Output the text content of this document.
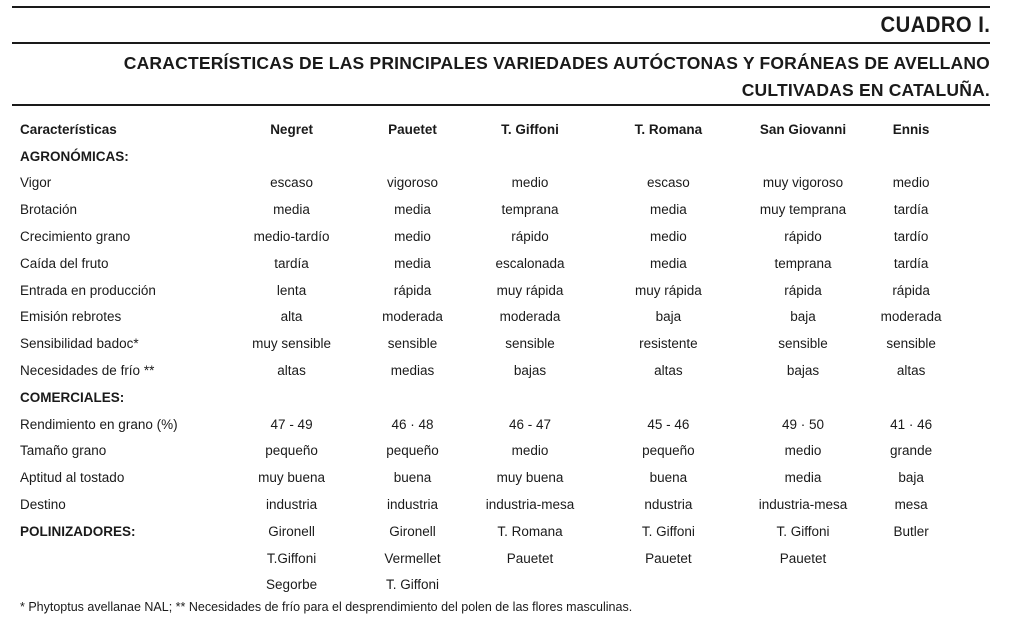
CUADRO I.
CARACTERÍSTICAS DE LAS PRINCIPALES VARIEDADES AUTÓCTONAS Y FORÁNEAS DE AVELLANO
CULTIVADAS EN CATALUÑA.
Características	Negret	Pauetet	T. Giffoni	T. Romana	San Giovanni	Ennis
AGRONÓMICAS:						
Vigor	escaso	vigoroso	medio	escaso	muy vigoroso	medio
Brotación	media	media	temprana	media	muy temprana	tardía
Crecimiento grano	medio-tardío	medio	rápido	medio	rápido	tardío
Caída del fruto	tardía	media	escalonada	media	temprana	tardía
Entrada en producción	lenta	rápida	muy rápida	muy rápida	rápida	rápida
Emisión rebrotes	alta	moderada	moderada	baja	baja	moderada
Sensibilidad badoc*	muy sensible	sensible	sensible	resistente	sensible	sensible
Necesidades de frío **	altas	medias	bajas	altas	bajas	altas
COMERCIALES:						
Rendimiento en grano (%)	47 - 49	46 · 48	46 - 47	45 - 46	49 · 50	41 · 46
Tamaño grano	pequeño	pequeño	medio	pequeño	medio	grande
Aptitud al tostado	muy buena	buena	muy buena	buena	media	baja
Destino	industria	industria	industria-mesa	ndustria	industria-mesa	mesa
POLINIZADORES:	Gironell	Gironell	T. Romana	T. Giffoni	T. Giffoni	Butler
	T.Giffoni	Vermellet	Pauetet	Pauetet	Pauetet	
	Segorbe	T. Giffoni				
* Phytoptus avellanae NAL; ** Necesidades de frío para el desprendimiento del polen de las flores masculinas.
